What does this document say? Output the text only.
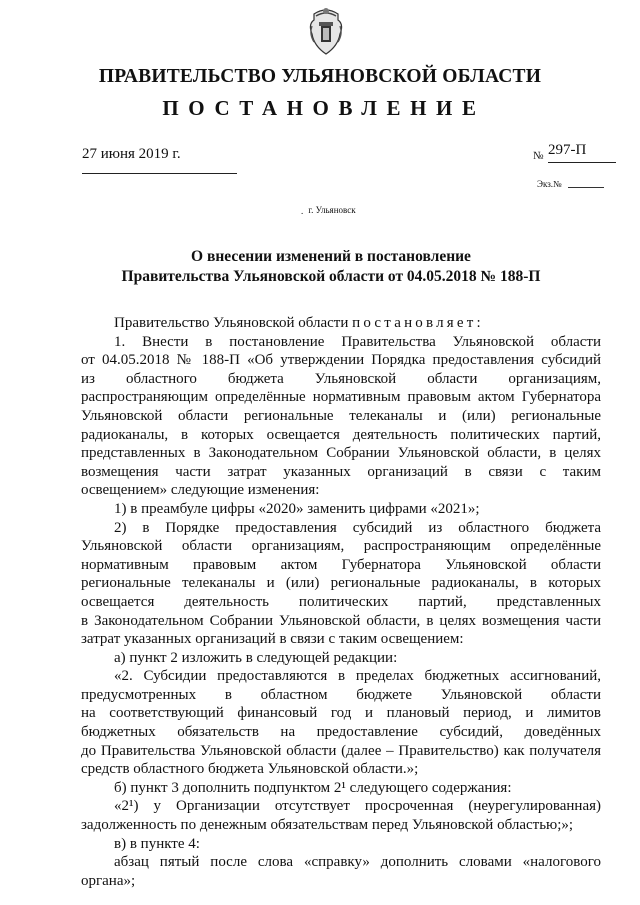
ПРАВИТЕЛЬСТВО УЛЬЯНОВСКОЙ ОБЛАСТИ
ПОСТАНОВЛЕНИЕ
27 июня 2019 г.	№ 297-П
Экз.№
. г. Ульяновск
О внесении изменений в постановление
Правительства Ульяновской области от 04.05.2018 № 188-П

Правительство Ульяновской области постановляет:

1. Внести в постановление Правительства Ульяновской области

от 04.05.2018 № 188-П «Об утверждении Порядка предоставления субсидий

из областного бюджета Ульяновской области организациям,

распространяющим определённые нормативным правовым актом Губернатора

Ульяновской области региональные телеканалы и (или) региональные

радиоканалы, в которых освещается деятельность политических партий,

представленных в Законодательном Собрании Ульяновской области, в целях

возмещения части затрат указанных организаций в связи с таким

освещением» следующие изменения:

1) в преамбуле цифры «2020» заменить цифрами «2021»;

2) в Порядке предоставления субсидий из областного бюджета

Ульяновской области организациям, распространяющим определённые

нормативным правовым актом Губернатора Ульяновской области

региональные телеканалы и (или) региональные радиоканалы, в которых

освещается деятельность политических партий, представленных

в Законодательном Собрании Ульяновской области, в целях возмещения части

затрат указанных организаций в связи с таким освещением:

а) пункт 2 изложить в следующей редакции:

«2. Субсидии предоставляются в пределах бюджетных ассигнований,

предусмотренных в областном бюджете Ульяновской области

на соответствующий финансовый год и плановый период, и лимитов

бюджетных обязательств на предоставление субсидий, доведённых

до Правительства Ульяновской области (далее – Правительство) как получателя

средств областного бюджета Ульяновской области.»;

б) пункт 3 дополнить подпунктом 2¹ следующего содержания:

«2¹) у Организации отсутствует просроченная (неурегулированная)

задолженность по денежным обязательствам перед Ульяновской областью;»;

в) в пункте 4:

абзац пятый после слова «справку» дополнить словами «налогового

органа»;
